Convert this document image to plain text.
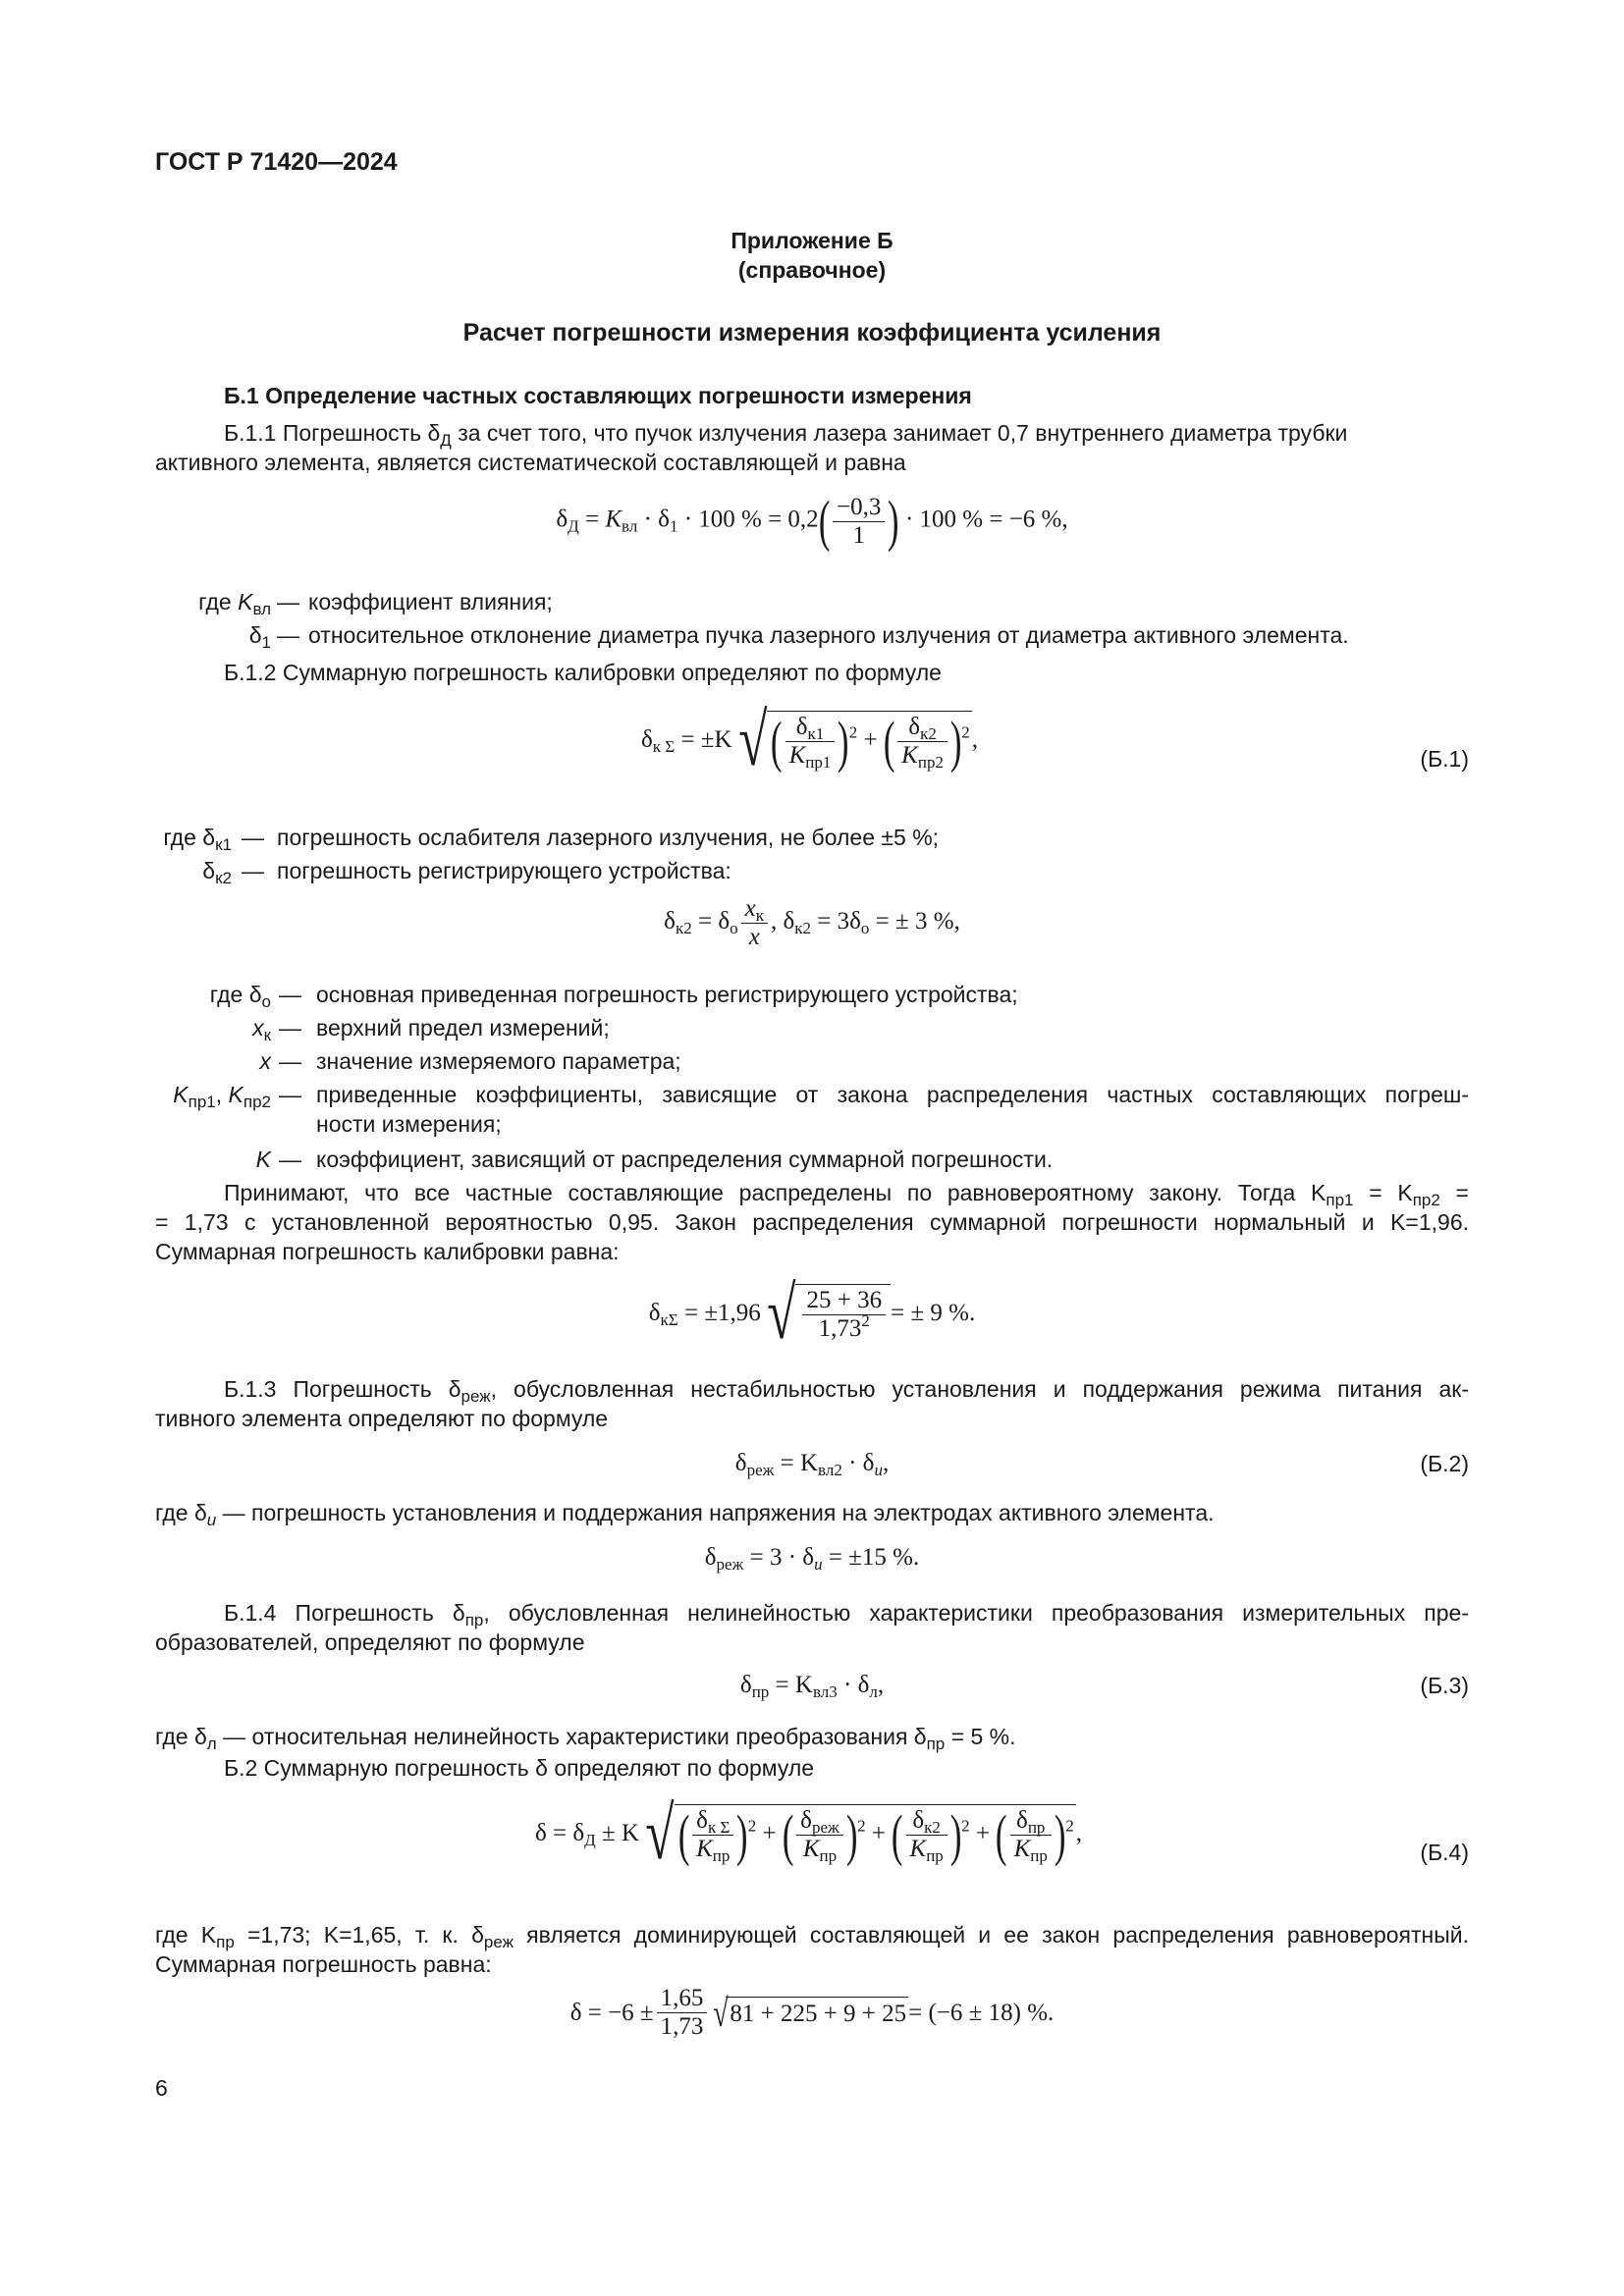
ГОСТ Р 71420—2024
Приложение Б
(справочное)
Расчет погрешности измерения коэффициента усиления
Б.1 Определение частных составляющих погрешности измерения
Б.1.1 Погрешность $\delta_Д$ за счет того, что пучок излучения лазера занимает 0,7 внутреннего диаметра трубки
активного элемента, является систематической составляющей и равна
$\delta_Д = K_{вл} \cdot \delta_1 \cdot 100$ % = $0,2( \frac{-0,3}{1}$ ) · 100 % = −6 %,
где $K_{вл}$ — коэффициент влияния;
$\delta_1$ — относительное отклонение диаметра пучка лазерного излучения от диаметра активного элемента.
Б.1.2 Суммарную погрешность калибровки определяют по формуле
$\delta_{к \Sigma} = \pm K√( \frac{\delta_{к1}}{K_{пр1}} )^2$ + ( $\frac{\delta_{к2}}{K_{пр2}} )^2$,
(Б.1)
где $\delta_{к1}$ — погрешность ослабителя лазерного излучения, не более ±5 %;
$\delta_{к2}$ — погрешность регистрирующего устройства:
$\delta_{к2} = \delta_о \frac{x_к}{x}$ , $\delta_{к2} = 3\delta_о$ = ± 3 %,
где $\delta_о$ — основная приведенная погрешность регистрирующего устройства;
$x_к$ — верхний предел измерений;
x — значение измеряемого параметра;
$K_{пр1}$, $K_{пр2}$ — приведенные коэффициенты, зависящие от закона распределения частных составляющих погреш-
ности измерения;
K — коэффициент, зависящий от распределения суммарной погрешности.
Принимают, что все частные составляющие распределены по равновероятному закону. Тогда $K_{пр1} = K_{пр2}$ =
= 1,73 с установленной вероятностью 0,95. Закон распределения суммарной погрешности нормальный и K=1,96.
Суммарная погрешность калибровки равна:
$\delta_{к\Sigma} = \pm 1,96√ \frac{25 + 36}{1,73^2}$ = ± 9 %.
Б.1.3 Погрешность $\delta_{реж}$, обусловленная нестабильностью установления и поддержания режима питания ак-
тивного элемента определяют по формуле
$\delta_{реж} = K_{вл2} \cdot \delta_u$,	(Б.2)
где $\delta_u$ — погрешность установления и поддержания напряжения на электродах активного элемента.
$\delta_{реж} = 3 \cdot \delta_u = \pm 15$ %.
Б.1.4 Погрешность $\delta_{пр}$, обусловленная нелинейностью характеристики преобразования измерительных пре-
образователей, определяют по формуле
$\delta_{пр} = K_{вл3} \cdot \delta_л$,	(Б.3)
где $\delta_л$ — относительная нелинейность характеристики преобразования $\delta_{пр} = 5$ %.
Б.2 Суммарную погрешность δ определяют по формуле
$\delta = \delta_Д \pm K√( \frac{\delta_{к \Sigma}}{K_{пр}} )^2$ + ( $\frac{\delta_{реж}}{K_{пр}} )^2$ + ( $\frac{\delta_{к2}}{K_{пр}} )^2$ + ( $\frac{\delta_{пр}}{K_{пр}} )^2$,
(Б.4)
где $K_{пр} =1,73$; K=1,65, т. к. $\delta_{реж}$ является доминирующей составляющей и ее закон распределения равновероятный.
Суммарная погрешность равна:
$\delta = -6 \pm \frac{1,65}{1,73} √81 + 225 + 9 + 25= (-6 \pm 18)$ %.
6
